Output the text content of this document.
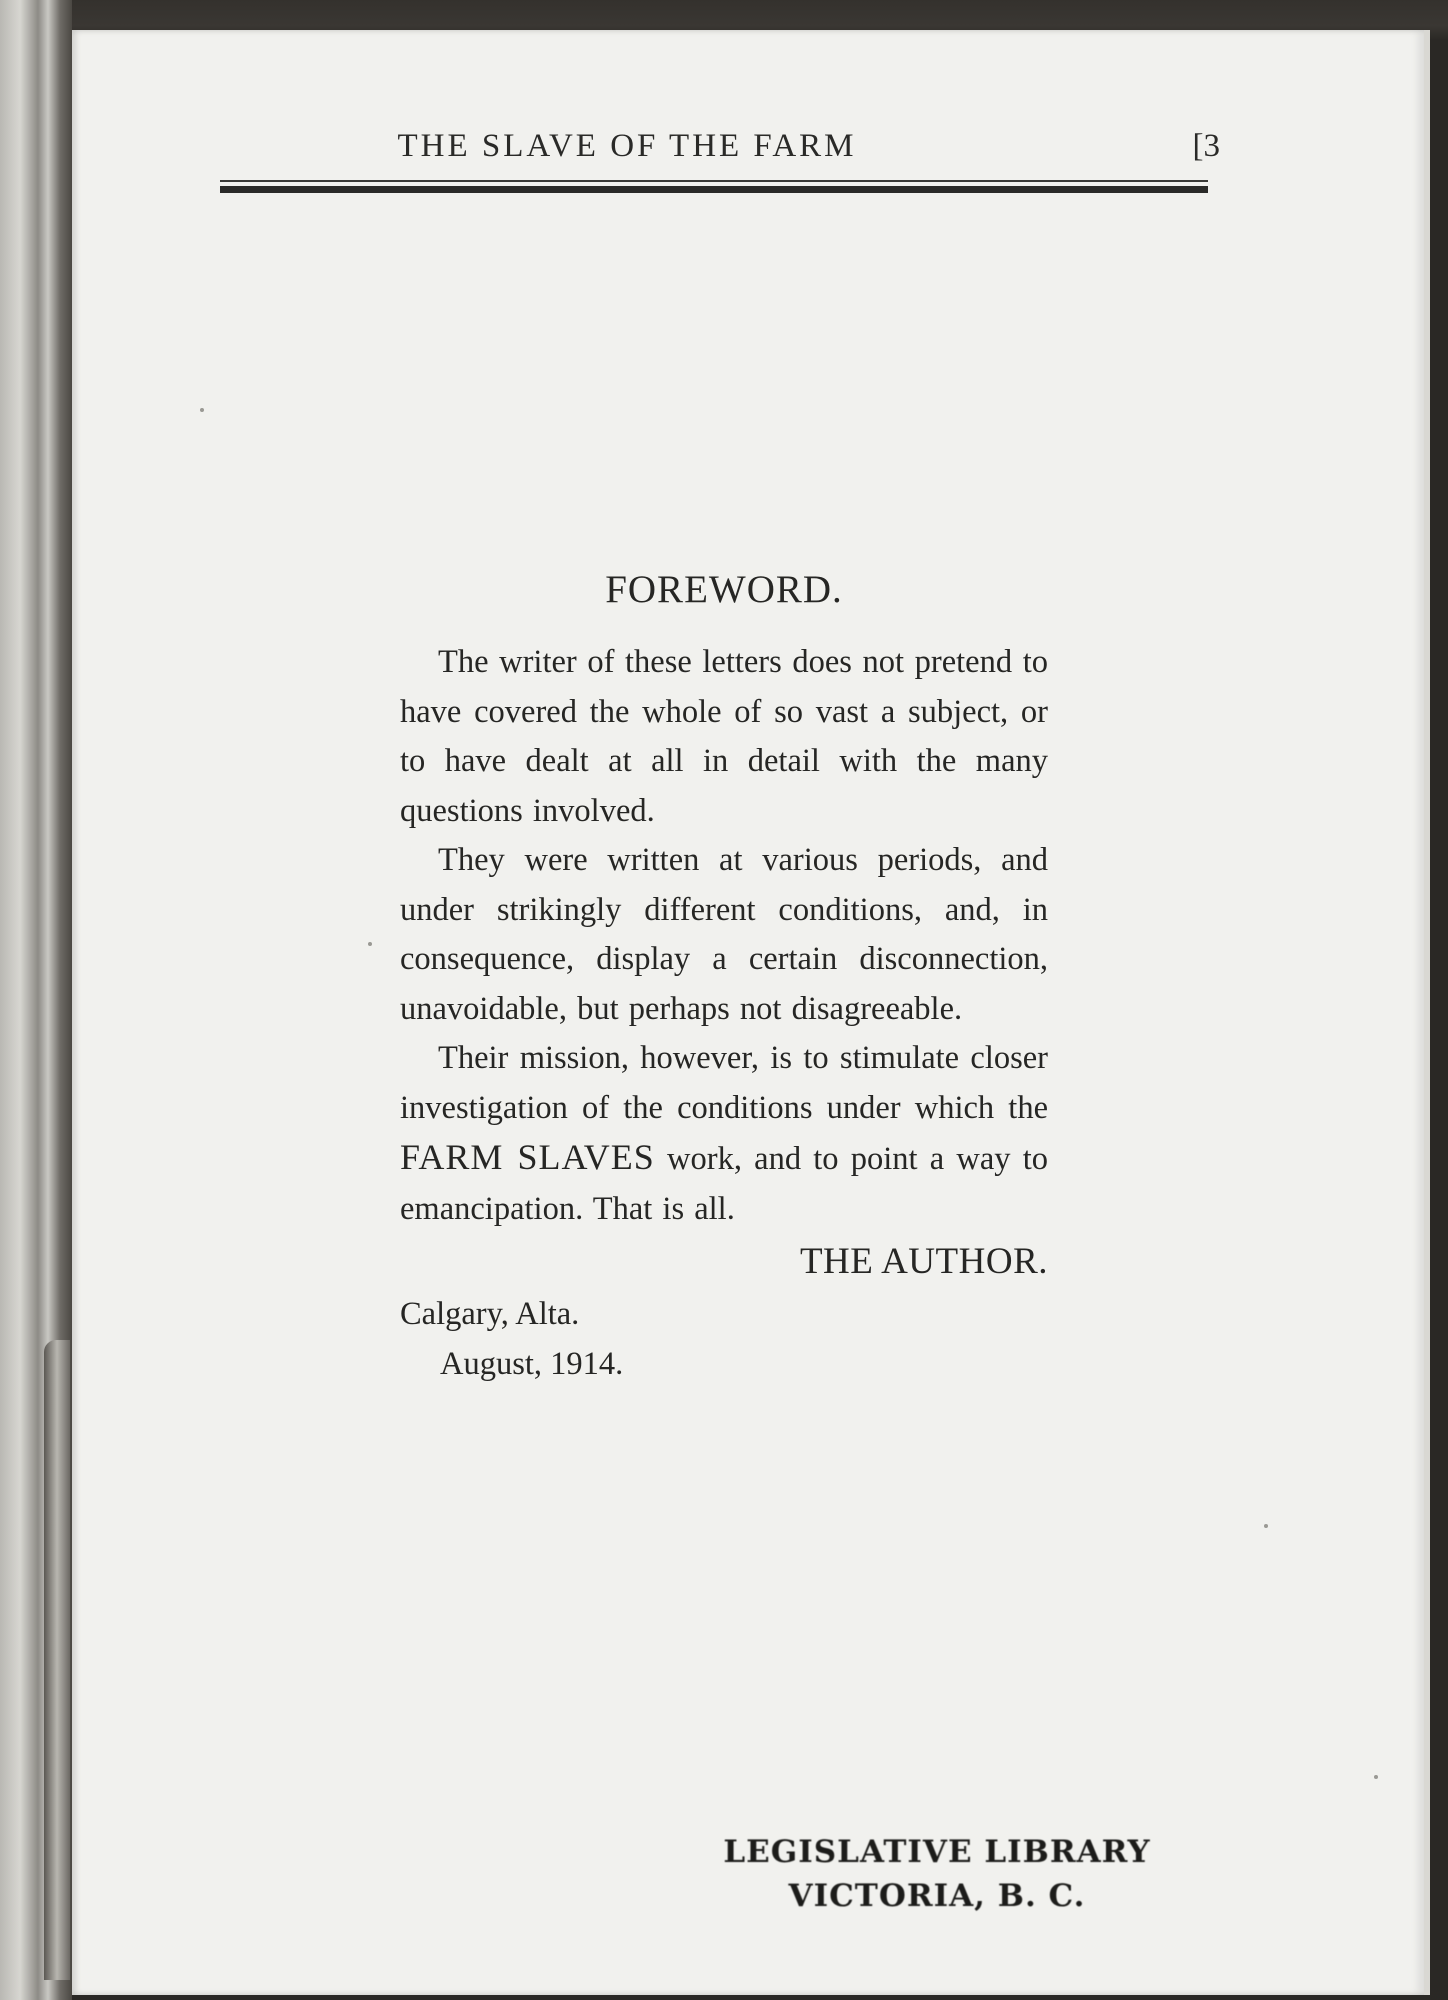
THE SLAVE OF THE FARM	[3
FOREWORD.

The writer of these letters does not pretend to have covered the whole of so vast a subject, or to have dealt at all in detail with the many questions involved.

They were written at various periods, and under strikingly different conditions, and, in consequence, display a certain disconnection, unavoidable, but perhaps not disagreeable.

Their mission, however, is to stimulate closer investigation of the conditions under which the FARM SLAVES work, and to point a way to emancipation. That is all.

THE AUTHOR.

Calgary, Alta.

August, 1914.

LEGISLATIVE LIBRARY
VICTORIA, B. C.
